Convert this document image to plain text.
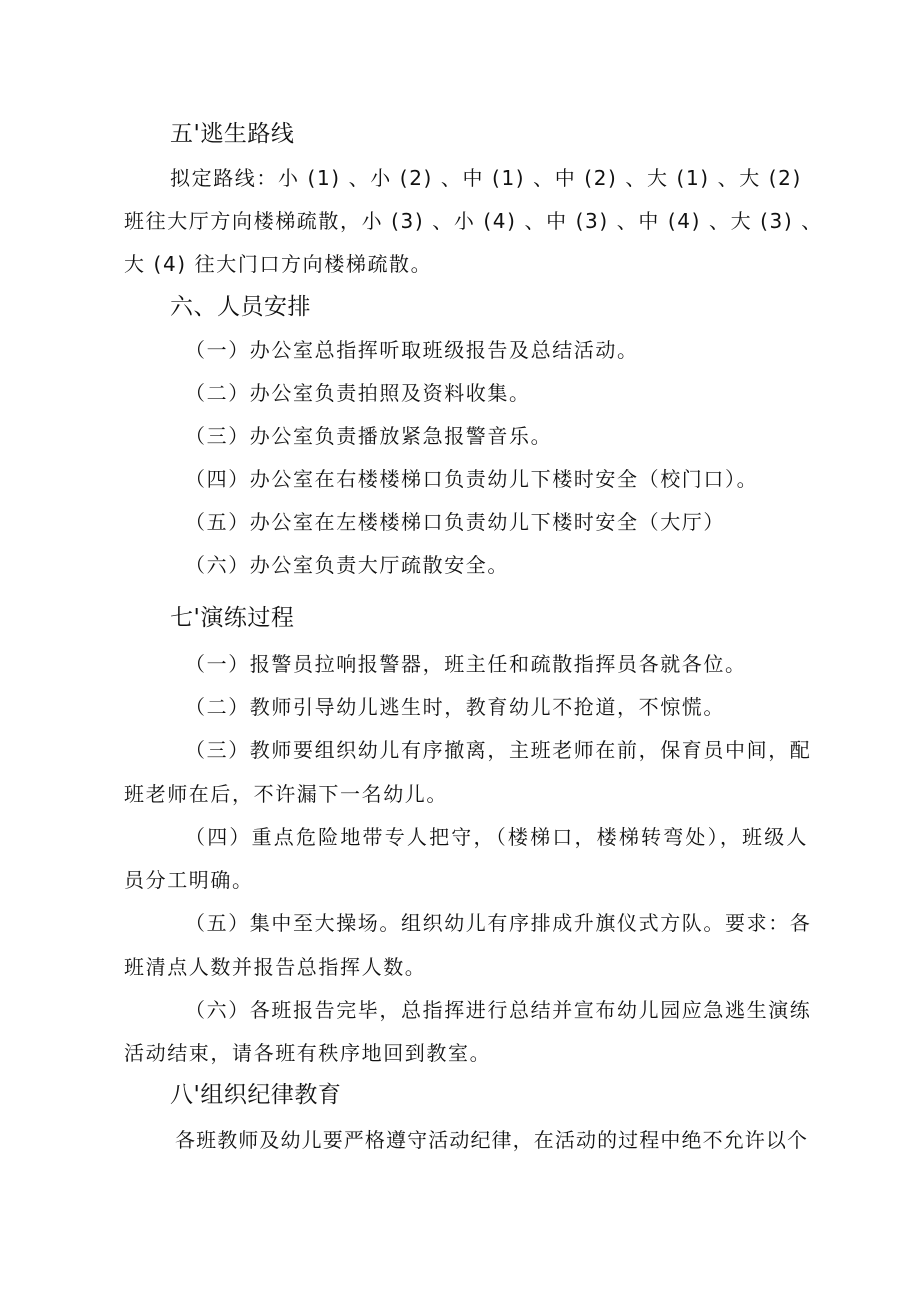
五'逃生路线
拟定路线：小 (1) 、小 (2) 、中 (1) 、中 (2) 、大 (1) 、大 (2)
班往大厅方向楼梯疏散，小 (3) 、小 (4) 、中 (3) 、中 (4) 、大 (3) 、
大 (4) 往大门口方向楼梯疏散。
六、人员安排
（一）办公室总指挥听取班级报告及总结活动。
（二）办公室负责拍照及资料收集。
（三）办公室负责播放紧急报警音乐。
（四）办公室在右楼楼梯口负责幼儿下楼时安全（校门口）。
（五）办公室在左楼楼梯口负责幼儿下楼时安全（大厅）
（六）办公室负责大厅疏散安全。
七'演练过程
（一）报警员拉响报警器，班主任和疏散指挥员各就各位。
（二）教师引导幼儿逃生时，教育幼儿不抢道，不惊慌。
（三）教师要组织幼儿有序撤离，主班老师在前，保育员中间，配
班老师在后，不许漏下一名幼儿。
（四）重点危险地带专人把守，（楼梯口，楼梯转弯处），班级人
员分工明确。
（五）集中至大操场。组织幼儿有序排成升旗仪式方队。要求：各
班清点人数并报告总指挥人数。
（六）各班报告完毕，总指挥进行总结并宣布幼儿园应急逃生演练
活动结束，请各班有秩序地回到教室。
八'组织纪律教育
各班教师及幼儿要严格遵守活动纪律，在活动的过程中绝不允许以个
